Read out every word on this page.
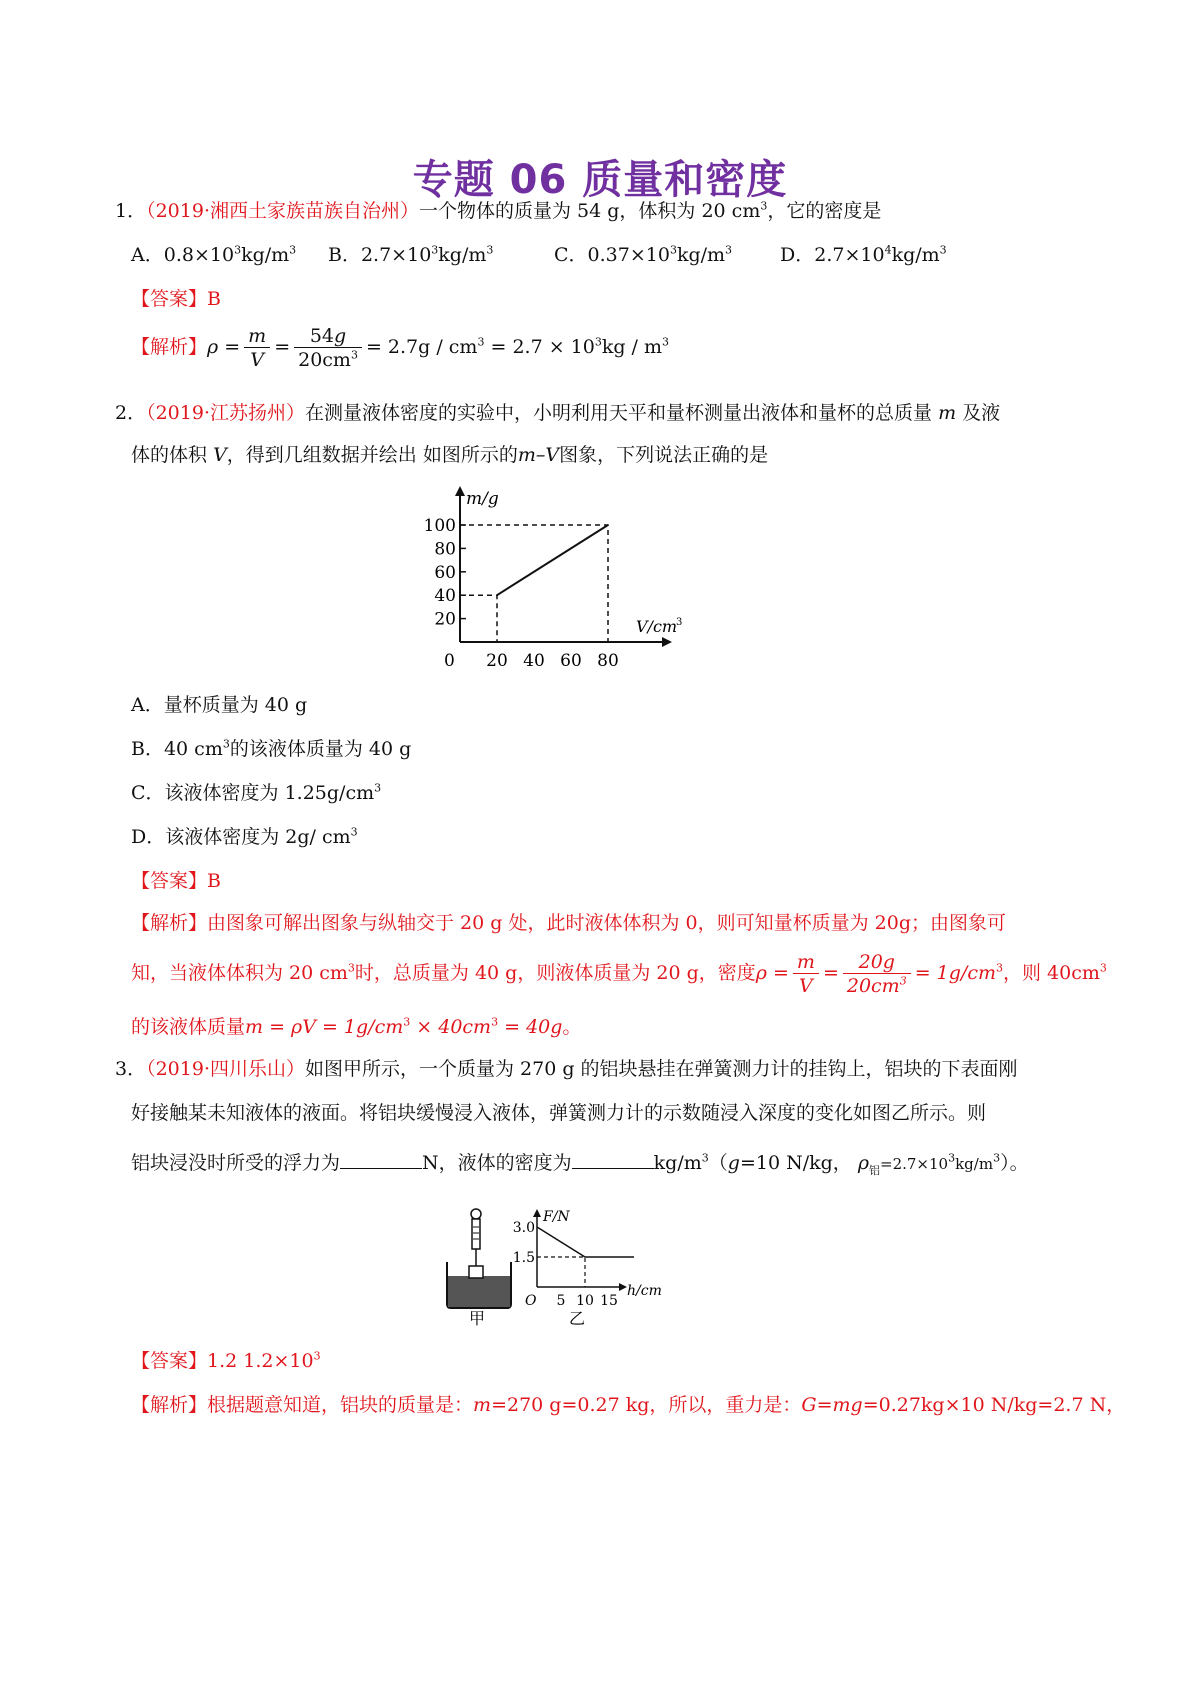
专题 06 质量和密度
1．（2019·湘西土家族苗族自治州）一个物体的质量为 54 g，体积为 20 $cm^3$，它的密度是
A．$0.8\times 10^3kg/m^3$ B．$2.7\times 10^3kg/m^3$	C．$0.37\times 10^3kg/m^3$	D．$2.7\times 10^4kg/m^3$
【答案】B
【解析】$\rho = \frac{m}{V} = \frac{54g}{20cm^3} = 2.7g / cm^3 = 2.7 \times 10^3kg / m^3$
2．（2019·江苏扬州）在测量液体密度的实验中，小明利用天平和量杯测量出液体和量杯的总质量 m 及液
体的体积 V，得到几组数据并绘出 如图所示的m–V图象，下列说法正确的是
m/g
V/cm
3
0
20
40
60
80
100
20 40 60 80
A．量杯质量为 40 g
B．40 $cm^3$的该液体质量为 40 g
C．该液体密度为 $1.25g/cm^3$
D．该液体密度为 2g/ $cm^3$
【答案】B
【解析】由图象可解出图象与纵轴交于 20 g 处，此时液体体积为 0，则可知量杯质量为 20g；由图象可
知，当液体体积为 20 $cm^3$时，总质量为 40 g，则液体质量为 20 g，密度$\rho = \frac{m}{V} = \frac{20g}{20cm^3} = 1g/cm^3$，则 $40cm^3$
的该液体质量$m = \rho V = 1g/cm^3 \times 40cm^3 = 40g$。
3．（2019·四川乐山）如图甲所示，一个质量为 270 g 的铝块悬挂在弹簧测力计的挂钩上，铝块的下表面刚
好接触某未知液体的液面。将铝块缓慢浸入液体，弹簧测力计的示数随浸入深度的变化如图乙所示。则
铝块浸没时所受的浮力为	N，液体的密度为	$kg/m^3(g=10$ N/kg， $\rho_铝=2.7\times 10^3kg/m^3$）。
甲
F/N
h/cm
O
3.0
1.5
5 10 15
乙
【答案】1.2 $1.2\times 10^3$
【解析】根据题意知道，铝块的质量是：m=270 g=0.27 kg，所以，重力是：G=mg=0.27kg×10 N/kg=2.7 N，
